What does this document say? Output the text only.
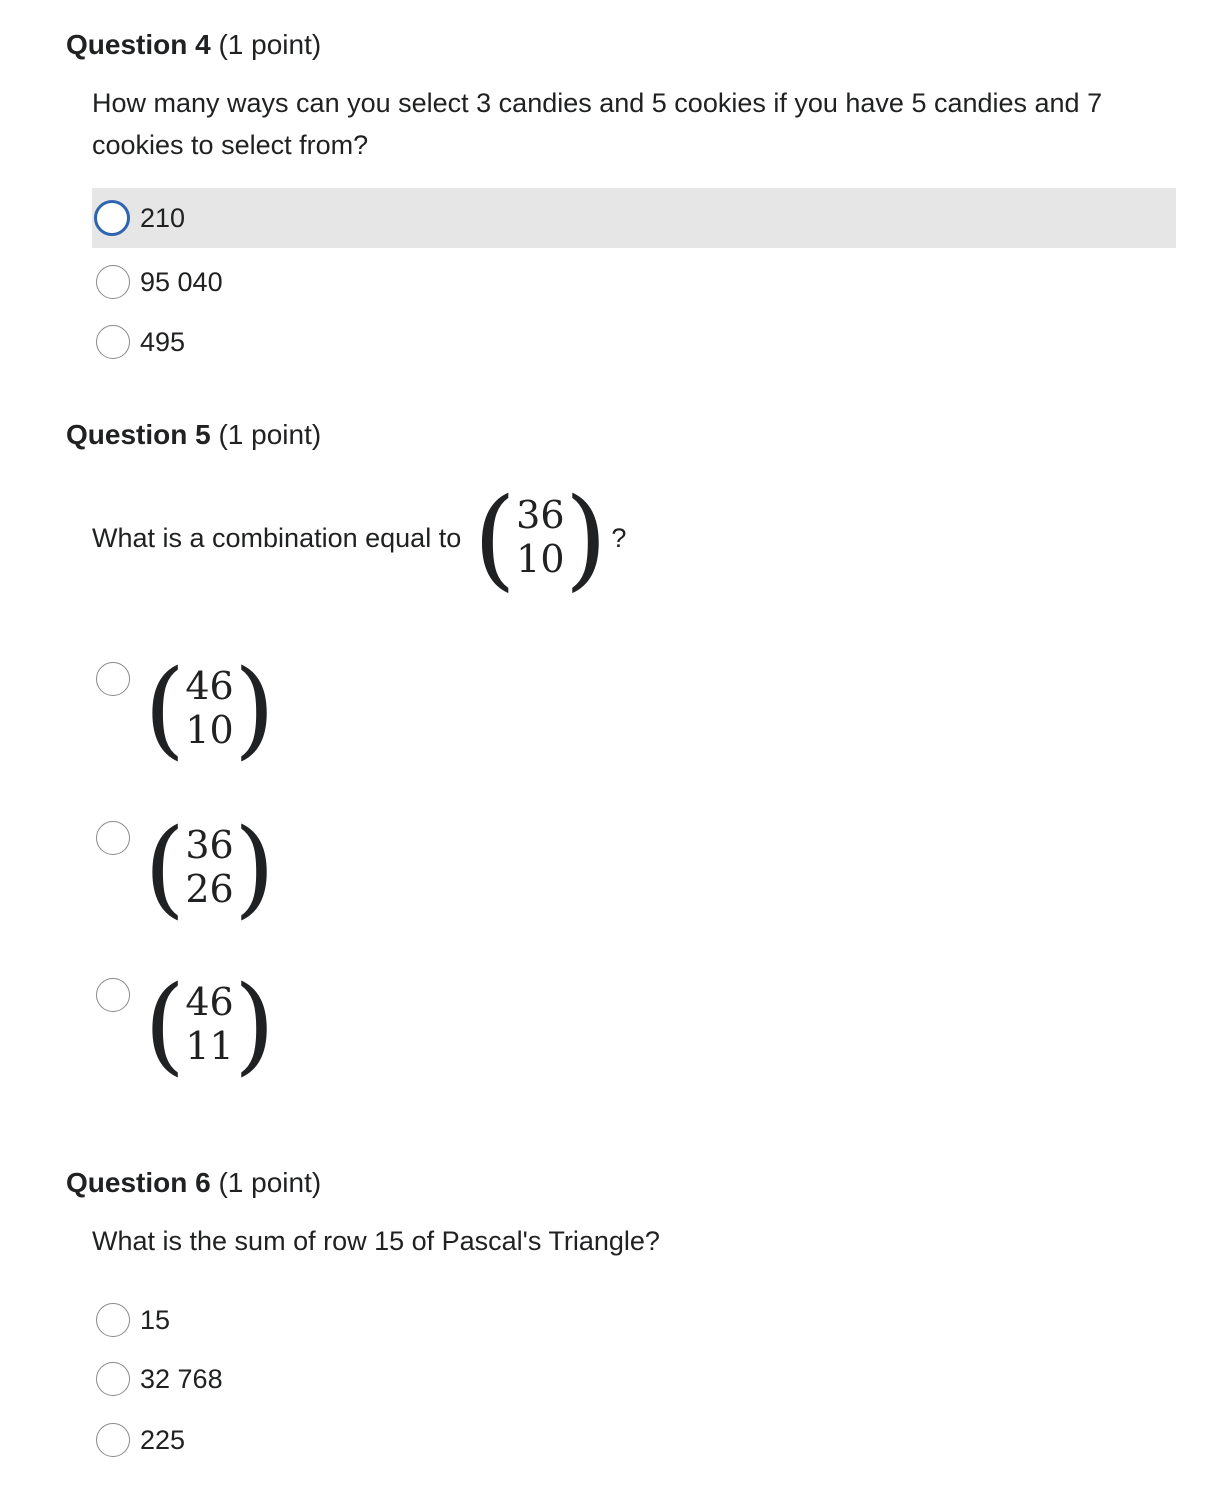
Question 4 (1 point)

How many ways can you select 3 candies and 5 cookies if you have 5 candies and 7
cookies to select from?

210
95 040
495
Question 5 (1 point)
What is a combination equal to ( 36
10 ) ?
( 46
10 )
( 36
26 )
( 46
11 )
Question 6 (1 point)

What is the sum of row 15 of Pascal's Triangle?

15
32 768
225
